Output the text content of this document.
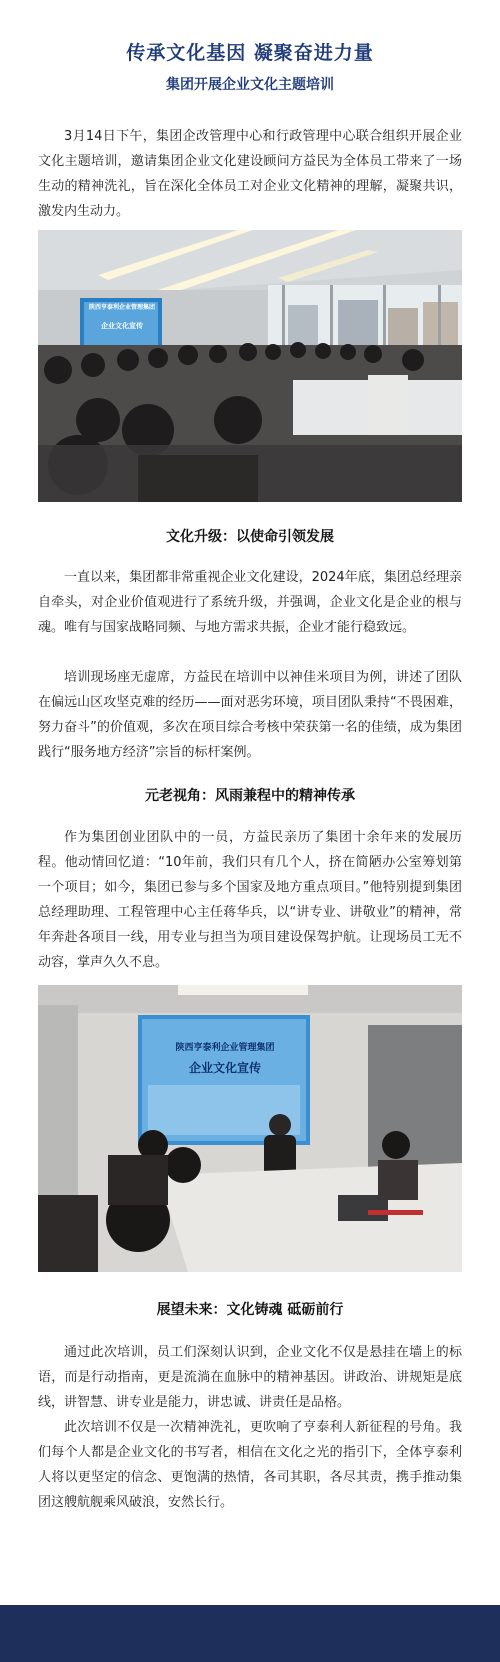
传承文化基因 凝聚奋进力量
集团开展企业文化主题培训

3月14日下午，集团企改管理中心和行政管理中心联合组织开展企业文化主题培训，邀请集团企业文化建设顾问方益民为全体员工带来了一场生动的精神洗礼，旨在深化全体员工对企业文化精神的理解，凝聚共识，激发内生动力。

陕西亨泰利企业管理集团
企业文化宣传
文化升级：以使命引领发展

一直以来，集团都非常重视企业文化建设，2024年底，集团总经理亲自牵头，对企业价值观进行了系统升级，并强调，企业文化是企业的根与魂。唯有与国家战略同频、与地方需求共振，企业才能行稳致远。

培训现场座无虚席，方益民在培训中以神佳米项目为例，讲述了团队在偏远山区攻坚克难的经历——面对恶劣环境，项目团队秉持“不畏困难，努力奋斗”的价值观，多次在项目综合考核中荣获第一名的佳绩，成为集团践行“服务地方经济”宗旨的标杆案例。

元老视角：风雨兼程中的精神传承

作为集团创业团队中的一员，方益民亲历了集团十余年来的发展历程。他动情回忆道：“10年前，我们只有几个人，挤在简陋办公室筹划第一个项目；如今，集团已参与多个国家及地方重点项目。”他特别提到集团总经理助理、工程管理中心主任蒋华兵，以“讲专业、讲敬业”的精神，常年奔赴各项目一线，用专业与担当为项目建设保驾护航。让现场员工无不动容，掌声久久不息。

陕西亨泰利企业管理集团
企业文化宣传
展望未来：文化铸魂 砥砺前行

通过此次培训，员工们深刻认识到，企业文化不仅是悬挂在墙上的标语，而是行动指南，更是流淌在血脉中的精神基因。讲政治、讲规矩是底线，讲智慧、讲专业是能力，讲忠诚、讲责任是品格。

此次培训不仅是一次精神洗礼，更吹响了亨泰利人新征程的号角。我们每个人都是企业文化的书写者，相信在文化之光的指引下，全体亨泰利人将以更坚定的信念、更饱满的热情，各司其职，各尽其责，携手推动集团这艘航舰乘风破浪，安然长行。
